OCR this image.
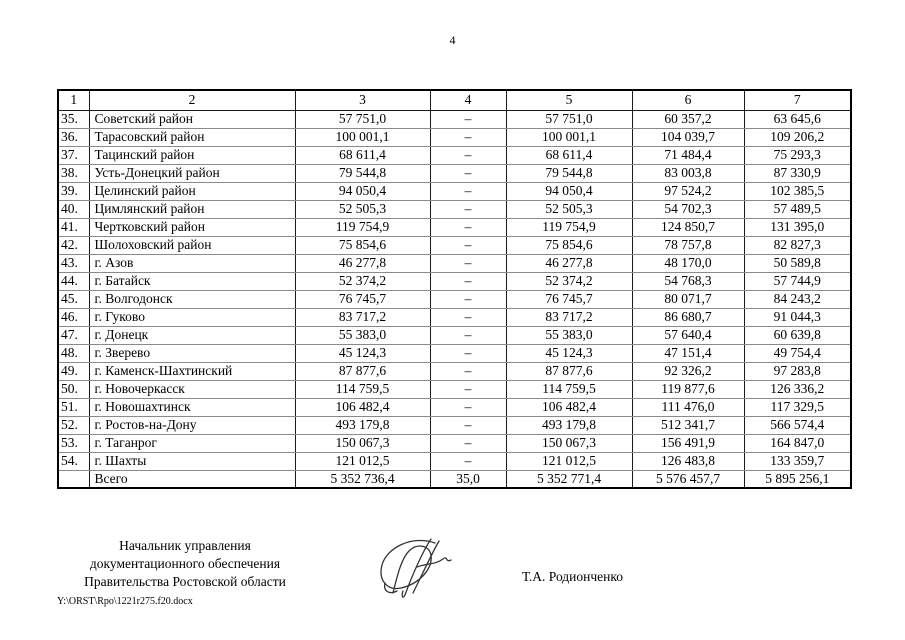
4
1	2	3	4	5	6	7
35.	Советский район	57 751,0	–	57 751,0	60 357,2	63 645,6
36.	Тарасовский район	100 001,1	–	100 001,1	104 039,7	109 206,2
37.	Тацинский район	68 611,4	–	68 611,4	71 484,4	75 293,3
38.	Усть-Донецкий район	79 544,8	–	79 544,8	83 003,8	87 330,9
39.	Целинский район	94 050,4	–	94 050,4	97 524,2	102 385,5
40.	Цимлянский район	52 505,3	–	52 505,3	54 702,3	57 489,5
41.	Чертковский район	119 754,9	–	119 754,9	124 850,7	131 395,0
42.	Шолоховский район	75 854,6	–	75 854,6	78 757,8	82 827,3
43.	г. Азов	46 277,8	–	46 277,8	48 170,0	50 589,8
44.	г. Батайск	52 374,2	–	52 374,2	54 768,3	57 744,9
45.	г. Волгодонск	76 745,7	–	76 745,7	80 071,7	84 243,2
46.	г. Гуково	83 717,2	–	83 717,2	86 680,7	91 044,3
47.	г. Донецк	55 383,0	–	55 383,0	57 640,4	60 639,8
48.	г. Зверево	45 124,3	–	45 124,3	47 151,4	49 754,4
49.	г. Каменск-Шахтинский	87 877,6	–	87 877,6	92 326,2	97 283,8
50.	г. Новочеркасск	114 759,5	–	114 759,5	119 877,6	126 336,2
51.	г. Новошахтинск	106 482,4	–	106 482,4	111 476,0	117 329,5
52.	г. Ростов-на-Дону	493 179,8	–	493 179,8	512 341,7	566 574,4
53.	г. Таганрог	150 067,3	–	150 067,3	156 491,9	164 847,0
54.	г. Шахты	121 012,5	–	121 012,5	126 483,8	133 359,7
	Всего	5 352 736,4	35,0	5 352 771,4	5 576 457,7	5 895 256,1
Начальник управления
документационного обеспечения
Правительства Ростовской области	Т.А. Родионченко
Y:\ORST\Rpo\1221r275.f20.docx
